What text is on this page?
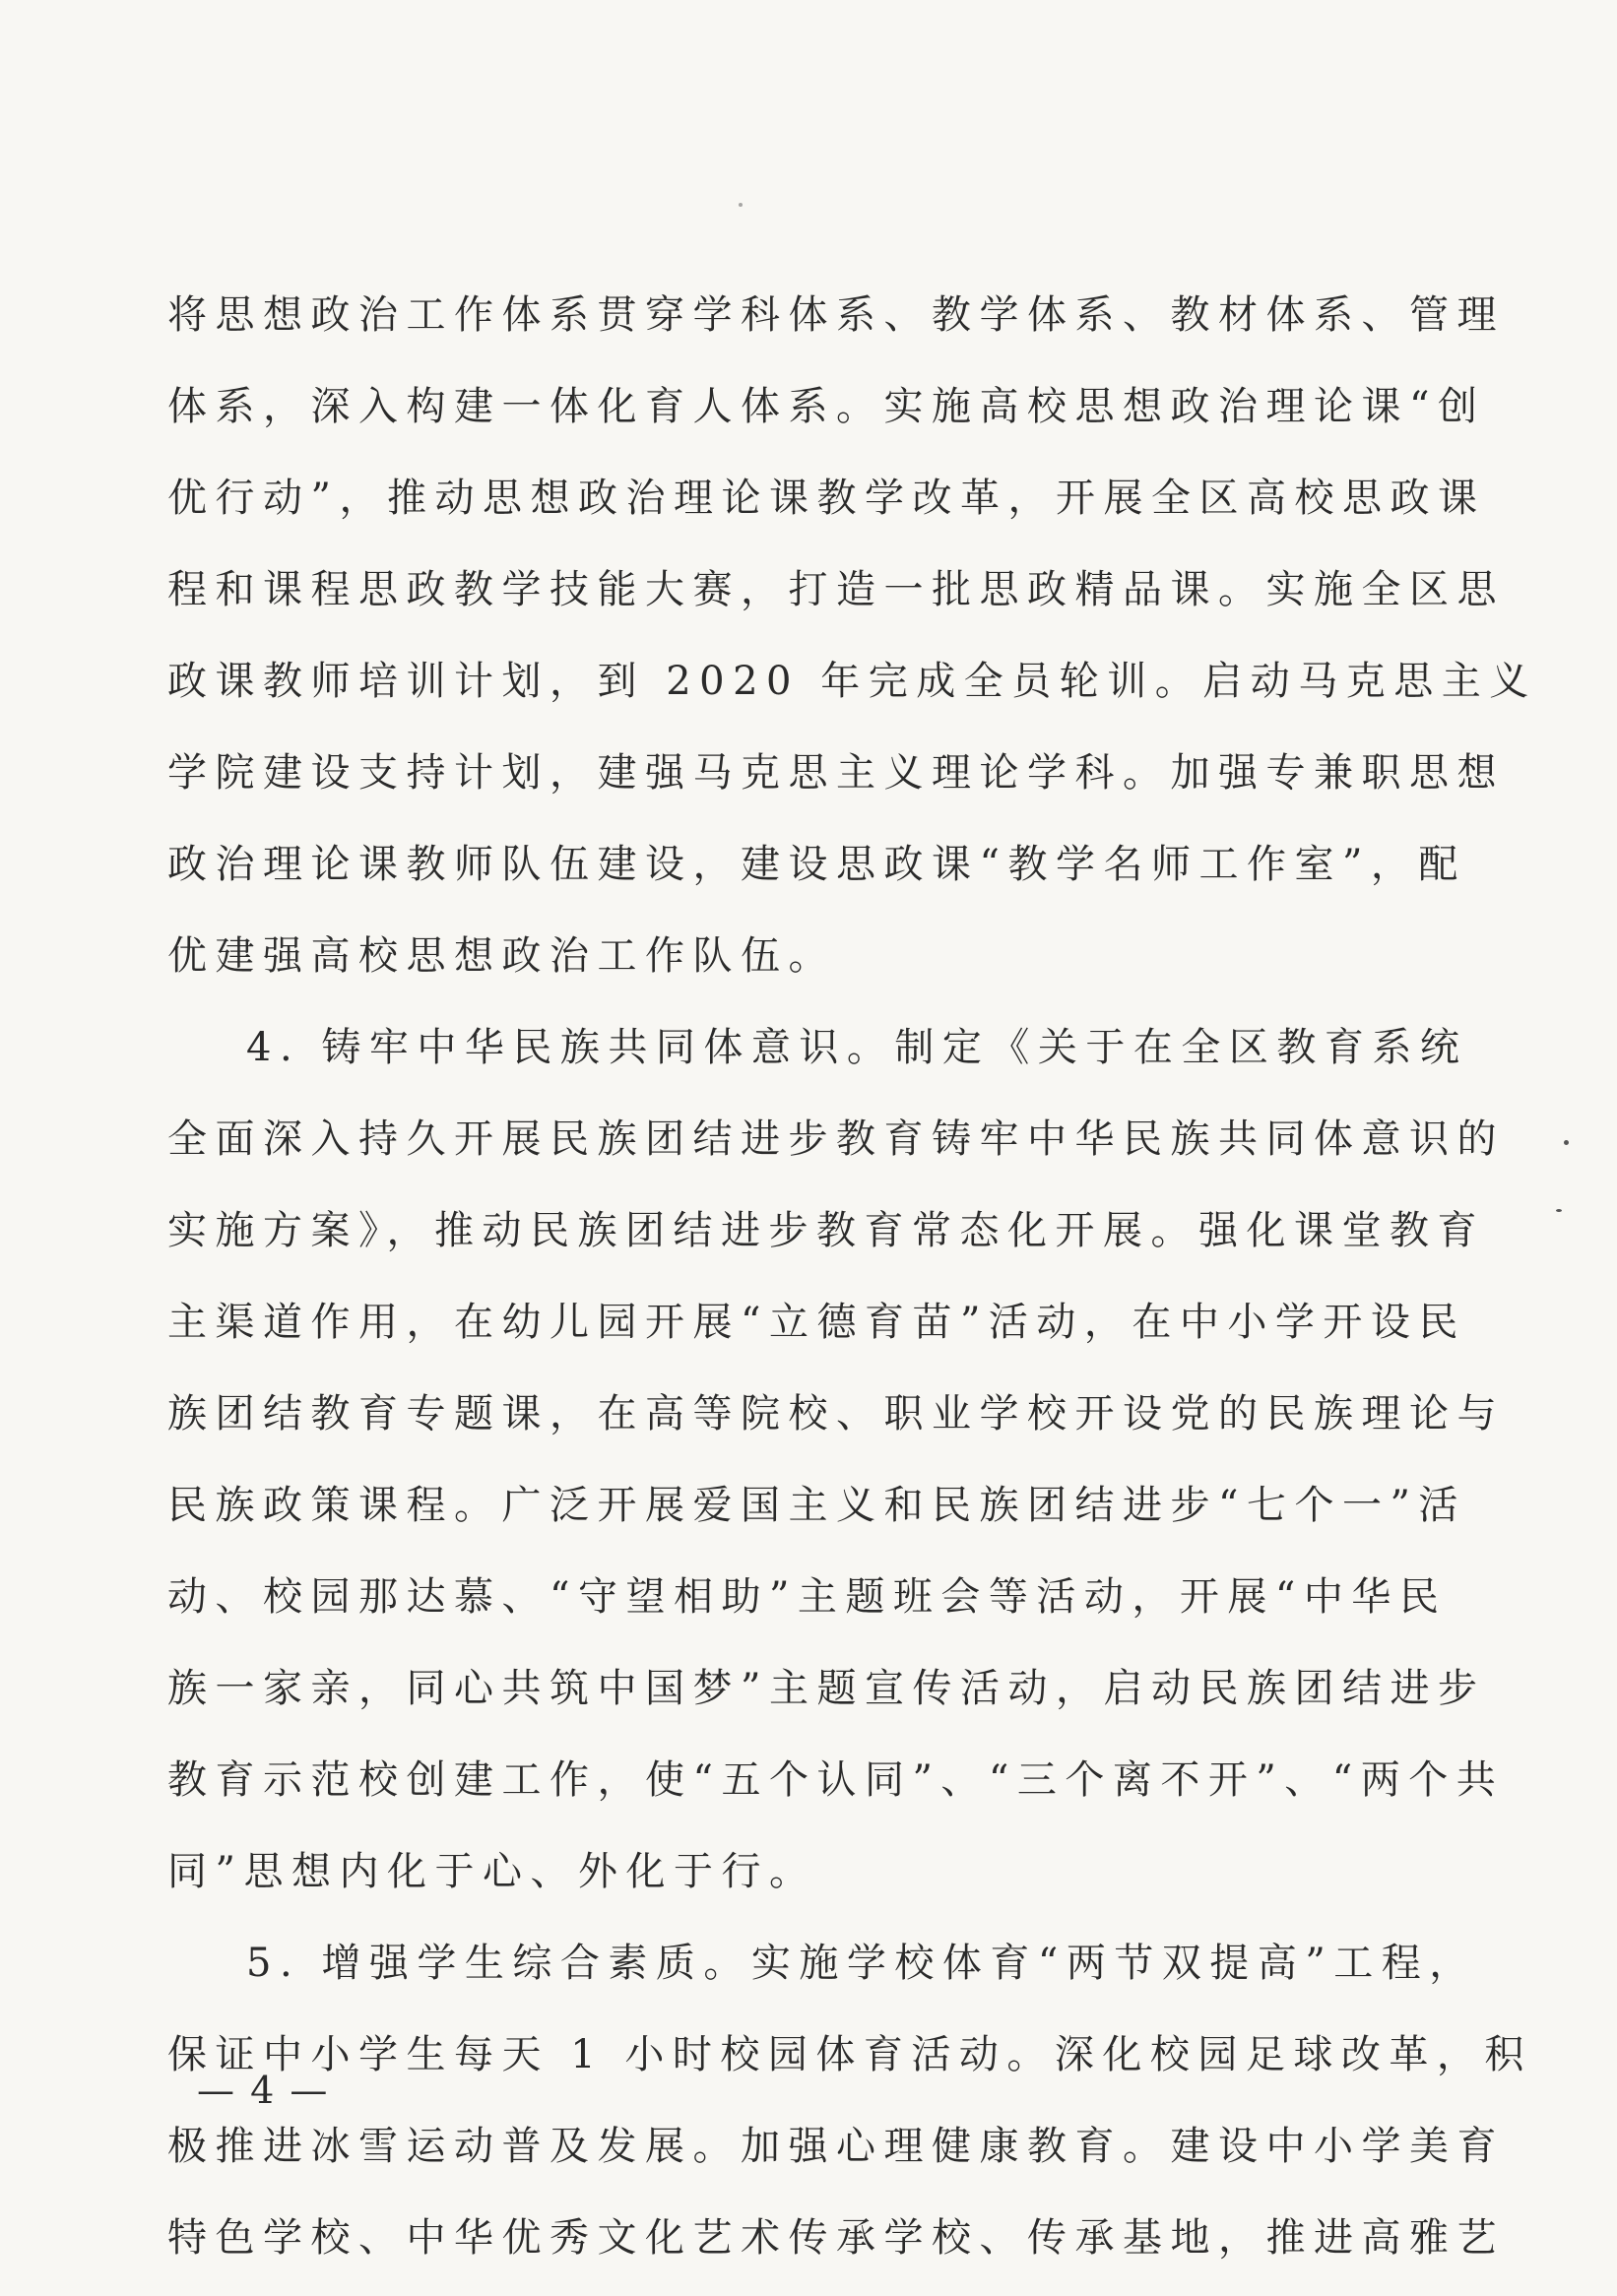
将思想政治工作体系贯穿学科体系、教学体系、教材体系、管理
体系，深入构建一体化育人体系。实施高校思想政治理论课“创
优行动”，推动思想政治理论课教学改革，开展全区高校思政课
程和课程思政教学技能大赛，打造一批思政精品课。实施全区思
政课教师培训计划，到 2020 年完成全员轮训。启动马克思主义
学院建设支持计划，建强马克思主义理论学科。加强专兼职思想
政治理论课教师队伍建设，建设思政课“教学名师工作室”，配
优建强高校思想政治工作队伍。
4. 铸牢中华民族共同体意识。制定《关于在全区教育系统
全面深入持久开展民族团结进步教育铸牢中华民族共同体意识的
实施方案》，推动民族团结进步教育常态化开展。强化课堂教育
主渠道作用，在幼儿园开展“立德育苗”活动，在中小学开设民
族团结教育专题课，在高等院校、职业学校开设党的民族理论与
民族政策课程。广泛开展爱国主义和民族团结进步“七个一”活
动、校园那达慕、“守望相助”主题班会等活动，开展“中华民
族一家亲，同心共筑中国梦”主题宣传活动，启动民族团结进步
教育示范校创建工作，使“五个认同”、“三个离不开”、“两个共
同”思想内化于心、外化于行。
5. 增强学生综合素质。实施学校体育“两节双提高”工程，
保证中小学生每天 1 小时校园体育活动。深化校园足球改革，积
极推进冰雪运动普及发展。加强心理健康教育。建设中小学美育
特色学校、中华优秀文化艺术传承学校、传承基地，推进高雅艺
— 4 —
